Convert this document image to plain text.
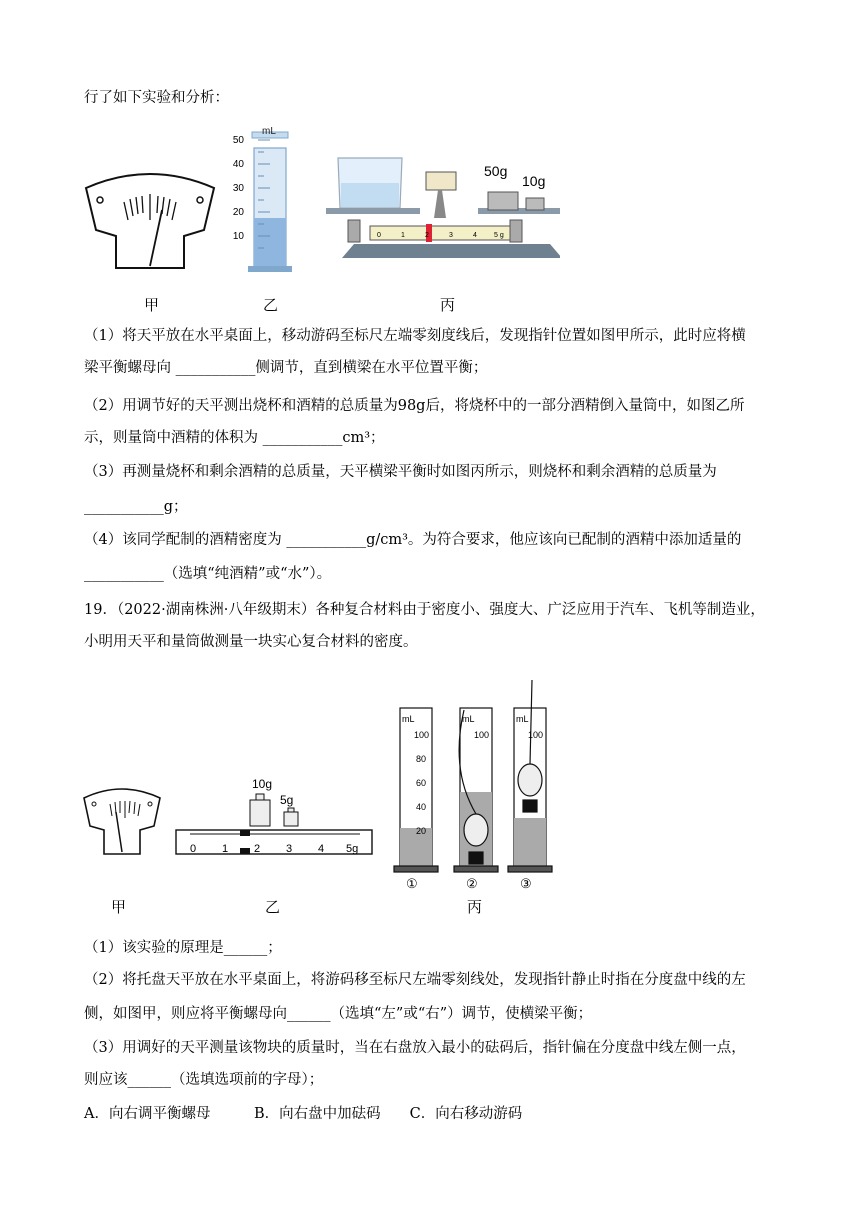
行了如下实验和分析：
mL
50
40
30
20
10
50g
10g
0	1	2	3	4 5 g
甲	乙	丙
（1）将天平放在水平桌面上，移动游码至标尺左端零刻度线后，发现指针位置如图甲所示，此时应将横
梁平衡螺母向 ___________侧调节，直到横梁在水平位置平衡；
（2）用调节好的天平测出烧杯和酒精的总质量为98g后，将烧杯中的一部分酒精倒入量筒中，如图乙所
示，则量筒中酒精的体积为 ___________cm³；
（3）再测量烧杯和剩余酒精的总质量，天平横梁平衡时如图丙所示，则烧杯和剩余酒精的总质量为
___________g；
（4）该同学配制的酒精密度为 ___________g/cm³。为符合要求，他应该向已配制的酒精中添加适量的
___________（选填“纯酒精”或“水”）。
19．（2022·湖南株洲·八年级期末）各种复合材料由于密度小、强度大、广泛应用于汽车、飞机等制造业，
小明用天平和量筒做测量一块实心复合材料的密度。
10g
5g
0 1 2 3 4 5g
mL	mL	mL
100
80
60
40
20
100	100
①	②	③
甲	乙	丙
（1）该实验的原理是______；
（2）将托盘天平放在水平桌面上，将游码移至标尺左端零刻线处，发现指针静止时指在分度盘中线的左
侧，如图甲，则应将平衡螺母向______（选填“左”或“右”）调节，使横梁平衡；
（3）用调好的天平测量该物块的质量时，当在右盘放入最小的砝码后，指针偏在分度盘中线左侧一点，
则应该______（选填选项前的字母）；
A．向右调平衡螺母　　　B．向右盘中加砝码　　C．向右移动游码
